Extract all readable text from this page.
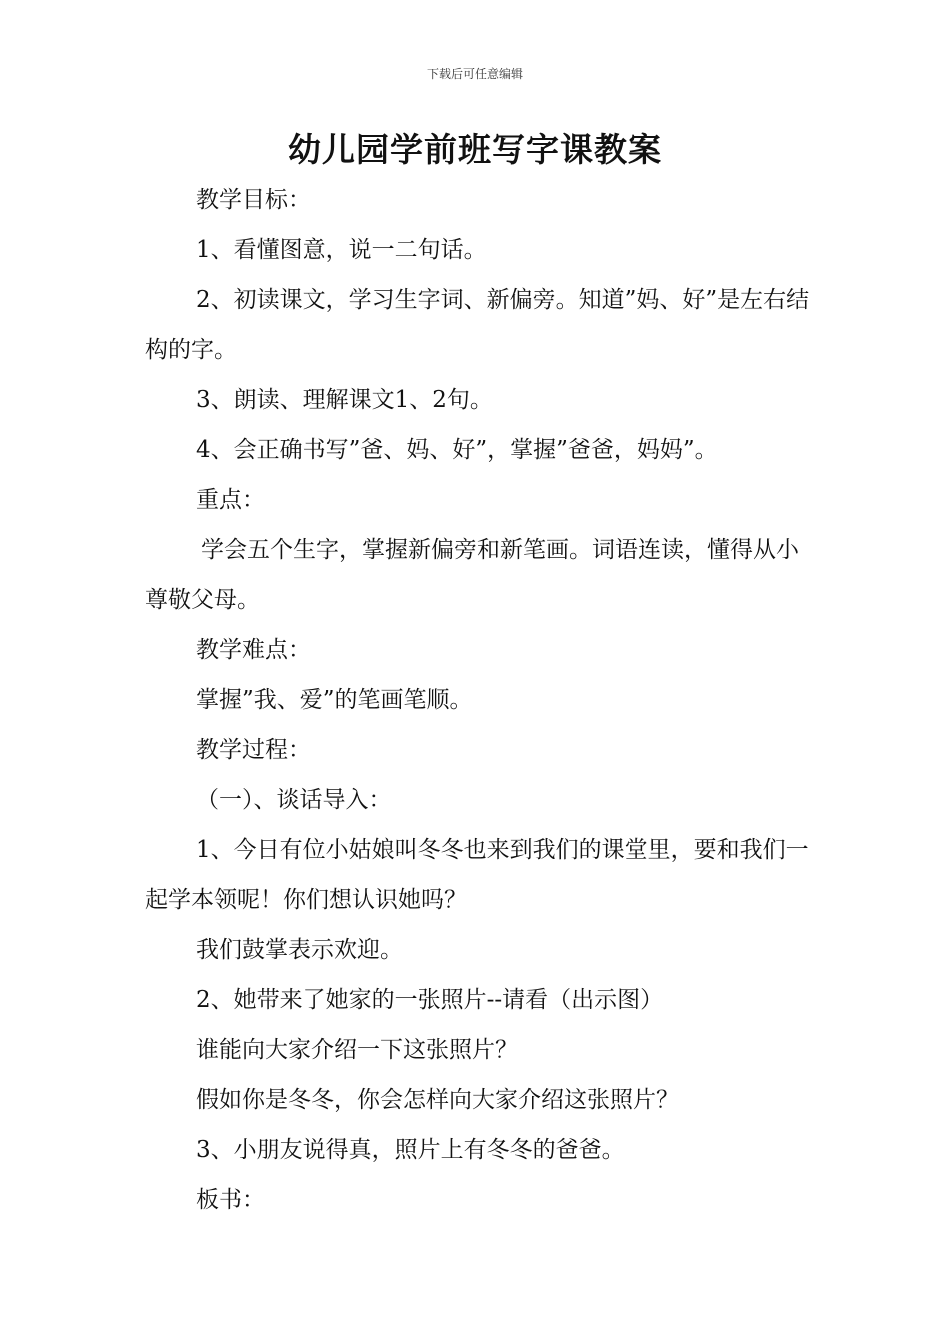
下载后可任意编辑
幼儿园学前班写字课教案

教学目标：

1、看懂图意，说一二句话。

2、初读课文，学习生字词、新偏旁。知道”妈、好”是左右结构的字。

3、朗读、理解课文1、2句。

4、会正确书写”爸、妈、好”，掌握”爸爸，妈妈”。

重点：

学会五个生字，掌握新偏旁和新笔画。词语连读，懂得从小尊敬父母。

教学难点：

掌握”我、爱”的笔画笔顺。

教学过程：

（一）、谈话导入：

1、今日有位小姑娘叫冬冬也来到我们的课堂里，要和我们一起学本领呢！你们想认识她吗？

我们鼓掌表示欢迎。

2、她带来了她家的一张照片--请看（出示图）

谁能向大家介绍一下这张照片？

假如你是冬冬，你会怎样向大家介绍这张照片？

3、小朋友说得真，照片上有冬冬的爸爸。

板书：
